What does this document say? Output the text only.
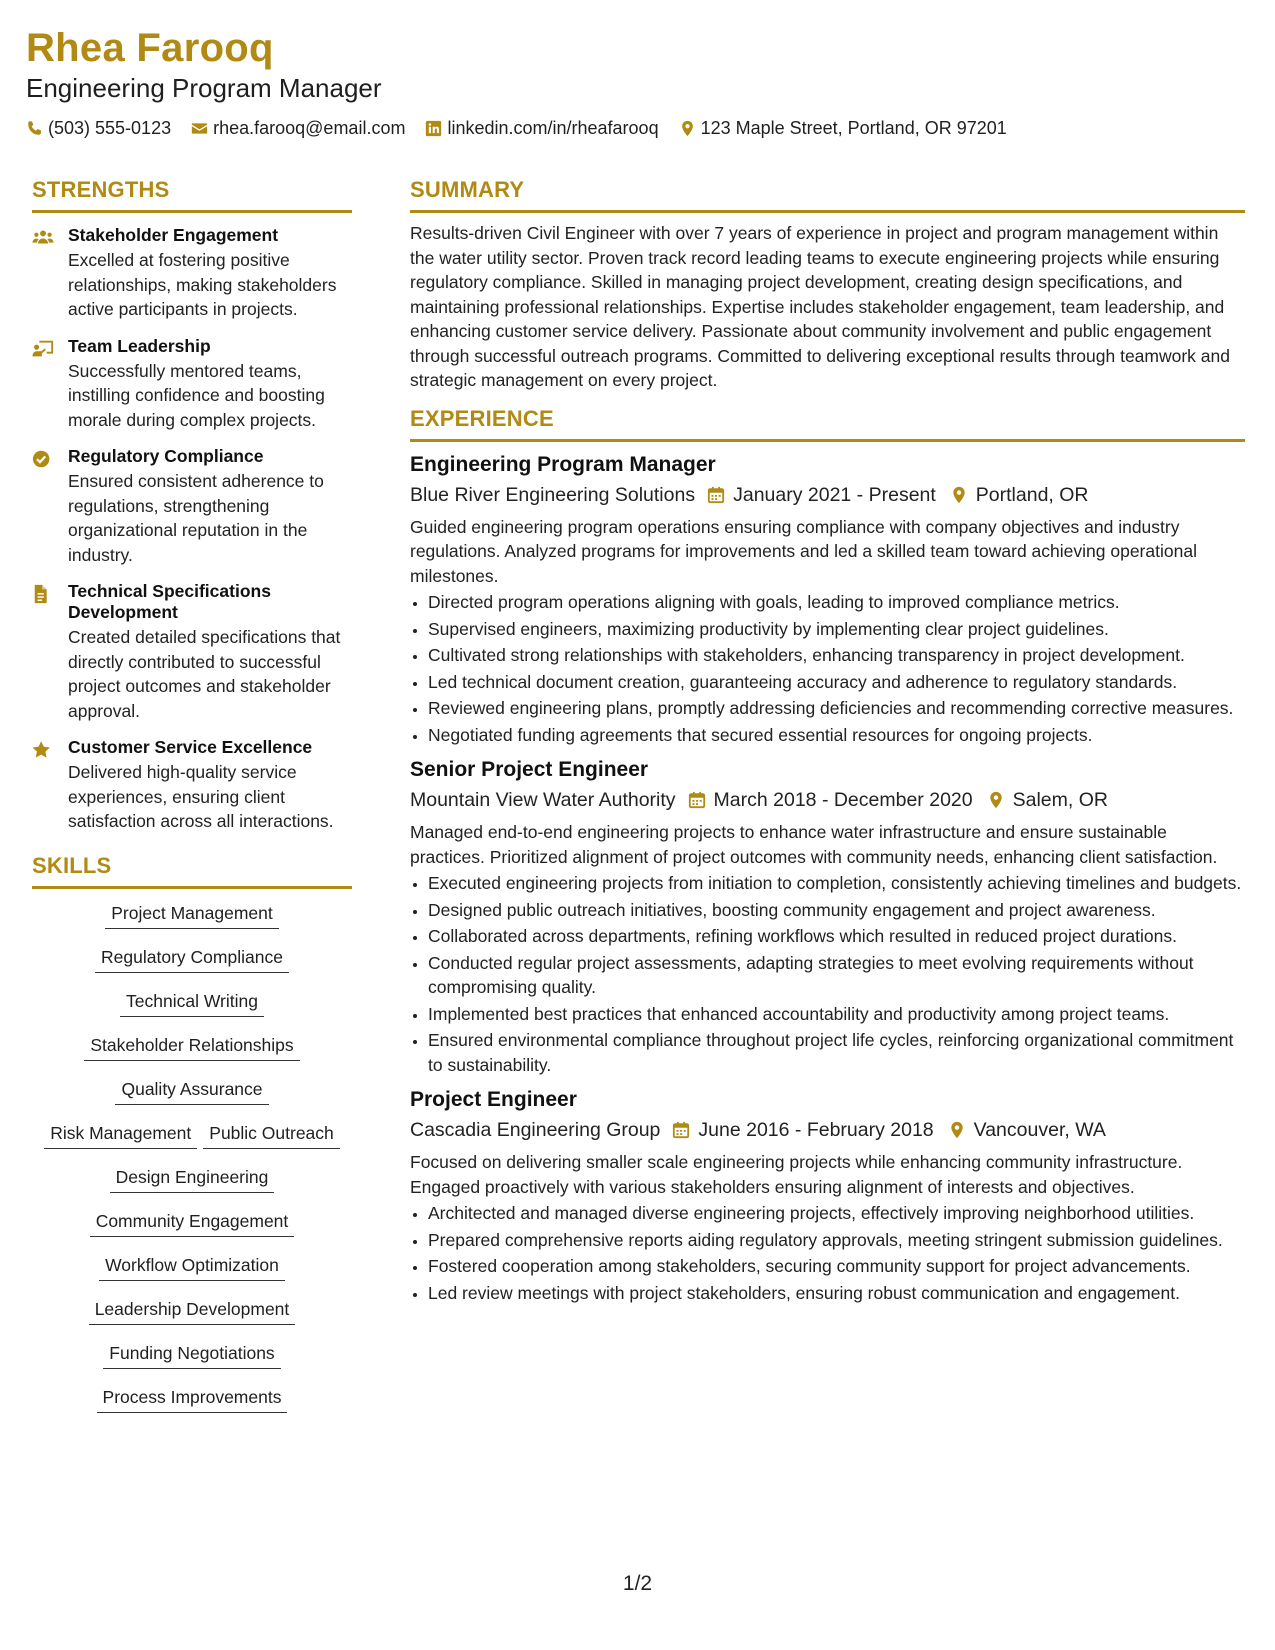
Rhea Farooq
Engineering Program Manager
(503) 555-0123 rhea.farooq@email.com linkedin.com/in/rheafarooq 123 Maple Street, Portland, OR 97201
STRENGTHS
Stakeholder Engagement
Excelled at fostering positive relationships, making stakeholders active participants in projects.
Team Leadership
Successfully mentored teams, instilling confidence and boosting morale during complex projects.
Regulatory Compliance
Ensured consistent adherence to regulations, strengthening organizational reputation in the industry.
Technical Specifications Development
Created detailed specifications that directly contributed to successful project outcomes and stakeholder approval.
Customer Service Excellence
Delivered high-quality service experiences, ensuring client satisfaction across all interactions.
SKILLS
Project Management
Regulatory Compliance
Technical Writing
Stakeholder Relationships
Quality Assurance
Risk Management	Public Outreach
Design Engineering
Community Engagement
Workflow Optimization
Leadership Development
Funding Negotiations
Process Improvements
SUMMARY
Results-driven Civil Engineer with over 7 years of experience in project and program management within the water utility sector. Proven track record leading teams to execute engineering projects while ensuring regulatory compliance. Skilled in managing project development, creating design specifications, and maintaining professional relationships. Expertise includes stakeholder engagement, team leadership, and enhancing customer service delivery. Passionate about community involvement and public engagement through successful outreach programs. Committed to delivering exceptional results through teamwork and strategic management on every project.
EXPERIENCE
Engineering Program Manager
Blue River Engineering Solutions January 2021 - Present Portland, OR
Guided engineering program operations ensuring compliance with company objectives and industry regulations. Analyzed programs for improvements and led a skilled team toward achieving operational milestones.
• Directed program operations aligning with goals, leading to improved compliance metrics.
• Supervised engineers, maximizing productivity by implementing clear project guidelines.
• Cultivated strong relationships with stakeholders, enhancing transparency in project development.
• Led technical document creation, guaranteeing accuracy and adherence to regulatory standards.
• Reviewed engineering plans, promptly addressing deficiencies and recommending corrective measures.
• Negotiated funding agreements that secured essential resources for ongoing projects.
Senior Project Engineer
Mountain View Water Authority March 2018 - December 2020 Salem, OR
Managed end-to-end engineering projects to enhance water infrastructure and ensure sustainable practices. Prioritized alignment of project outcomes with community needs, enhancing client satisfaction.
• Executed engineering projects from initiation to completion, consistently achieving timelines and budgets.
• Designed public outreach initiatives, boosting community engagement and project awareness.
• Collaborated across departments, refining workflows which resulted in reduced project durations.
• Conducted regular project assessments, adapting strategies to meet evolving requirements without compromising quality.
• Implemented best practices that enhanced accountability and productivity among project teams.
• Ensured environmental compliance throughout project life cycles, reinforcing organizational commitment to sustainability.
Project Engineer
Cascadia Engineering Group June 2016 - February 2018 Vancouver, WA
Focused on delivering smaller scale engineering projects while enhancing community infrastructure. Engaged proactively with various stakeholders ensuring alignment of interests and objectives.
• Architected and managed diverse engineering projects, effectively improving neighborhood utilities.
• Prepared comprehensive reports aiding regulatory approvals, meeting stringent submission guidelines.
• Fostered cooperation among stakeholders, securing community support for project advancements.
• Led review meetings with project stakeholders, ensuring robust communication and engagement.
1/2
